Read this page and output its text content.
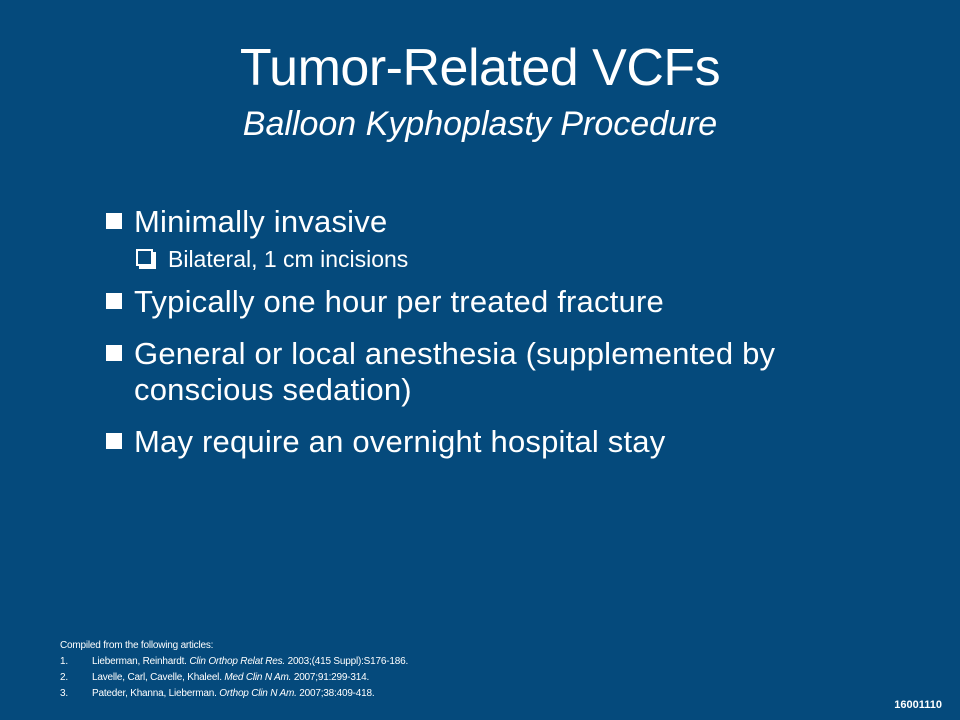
Tumor-Related VCFs
Balloon Kyphoplasty Procedure
Minimally invasive
Bilateral, 1 cm incisions
Typically one hour per treated fracture
General or local anesthesia (supplemented by conscious sedation)
May require an overnight hospital stay
Compiled from the following articles:
1. Lieberman, Reinhardt. Clin Orthop Relat Res. 2003;(415 Suppl):S176-186.
2. Lavelle, Carl, Cavelle, Khaleel. Med Clin N Am. 2007;91:299-314.
3. Pateder, Khanna, Lieberman. Orthop Clin N Am. 2007;38:409-418.
16001110
